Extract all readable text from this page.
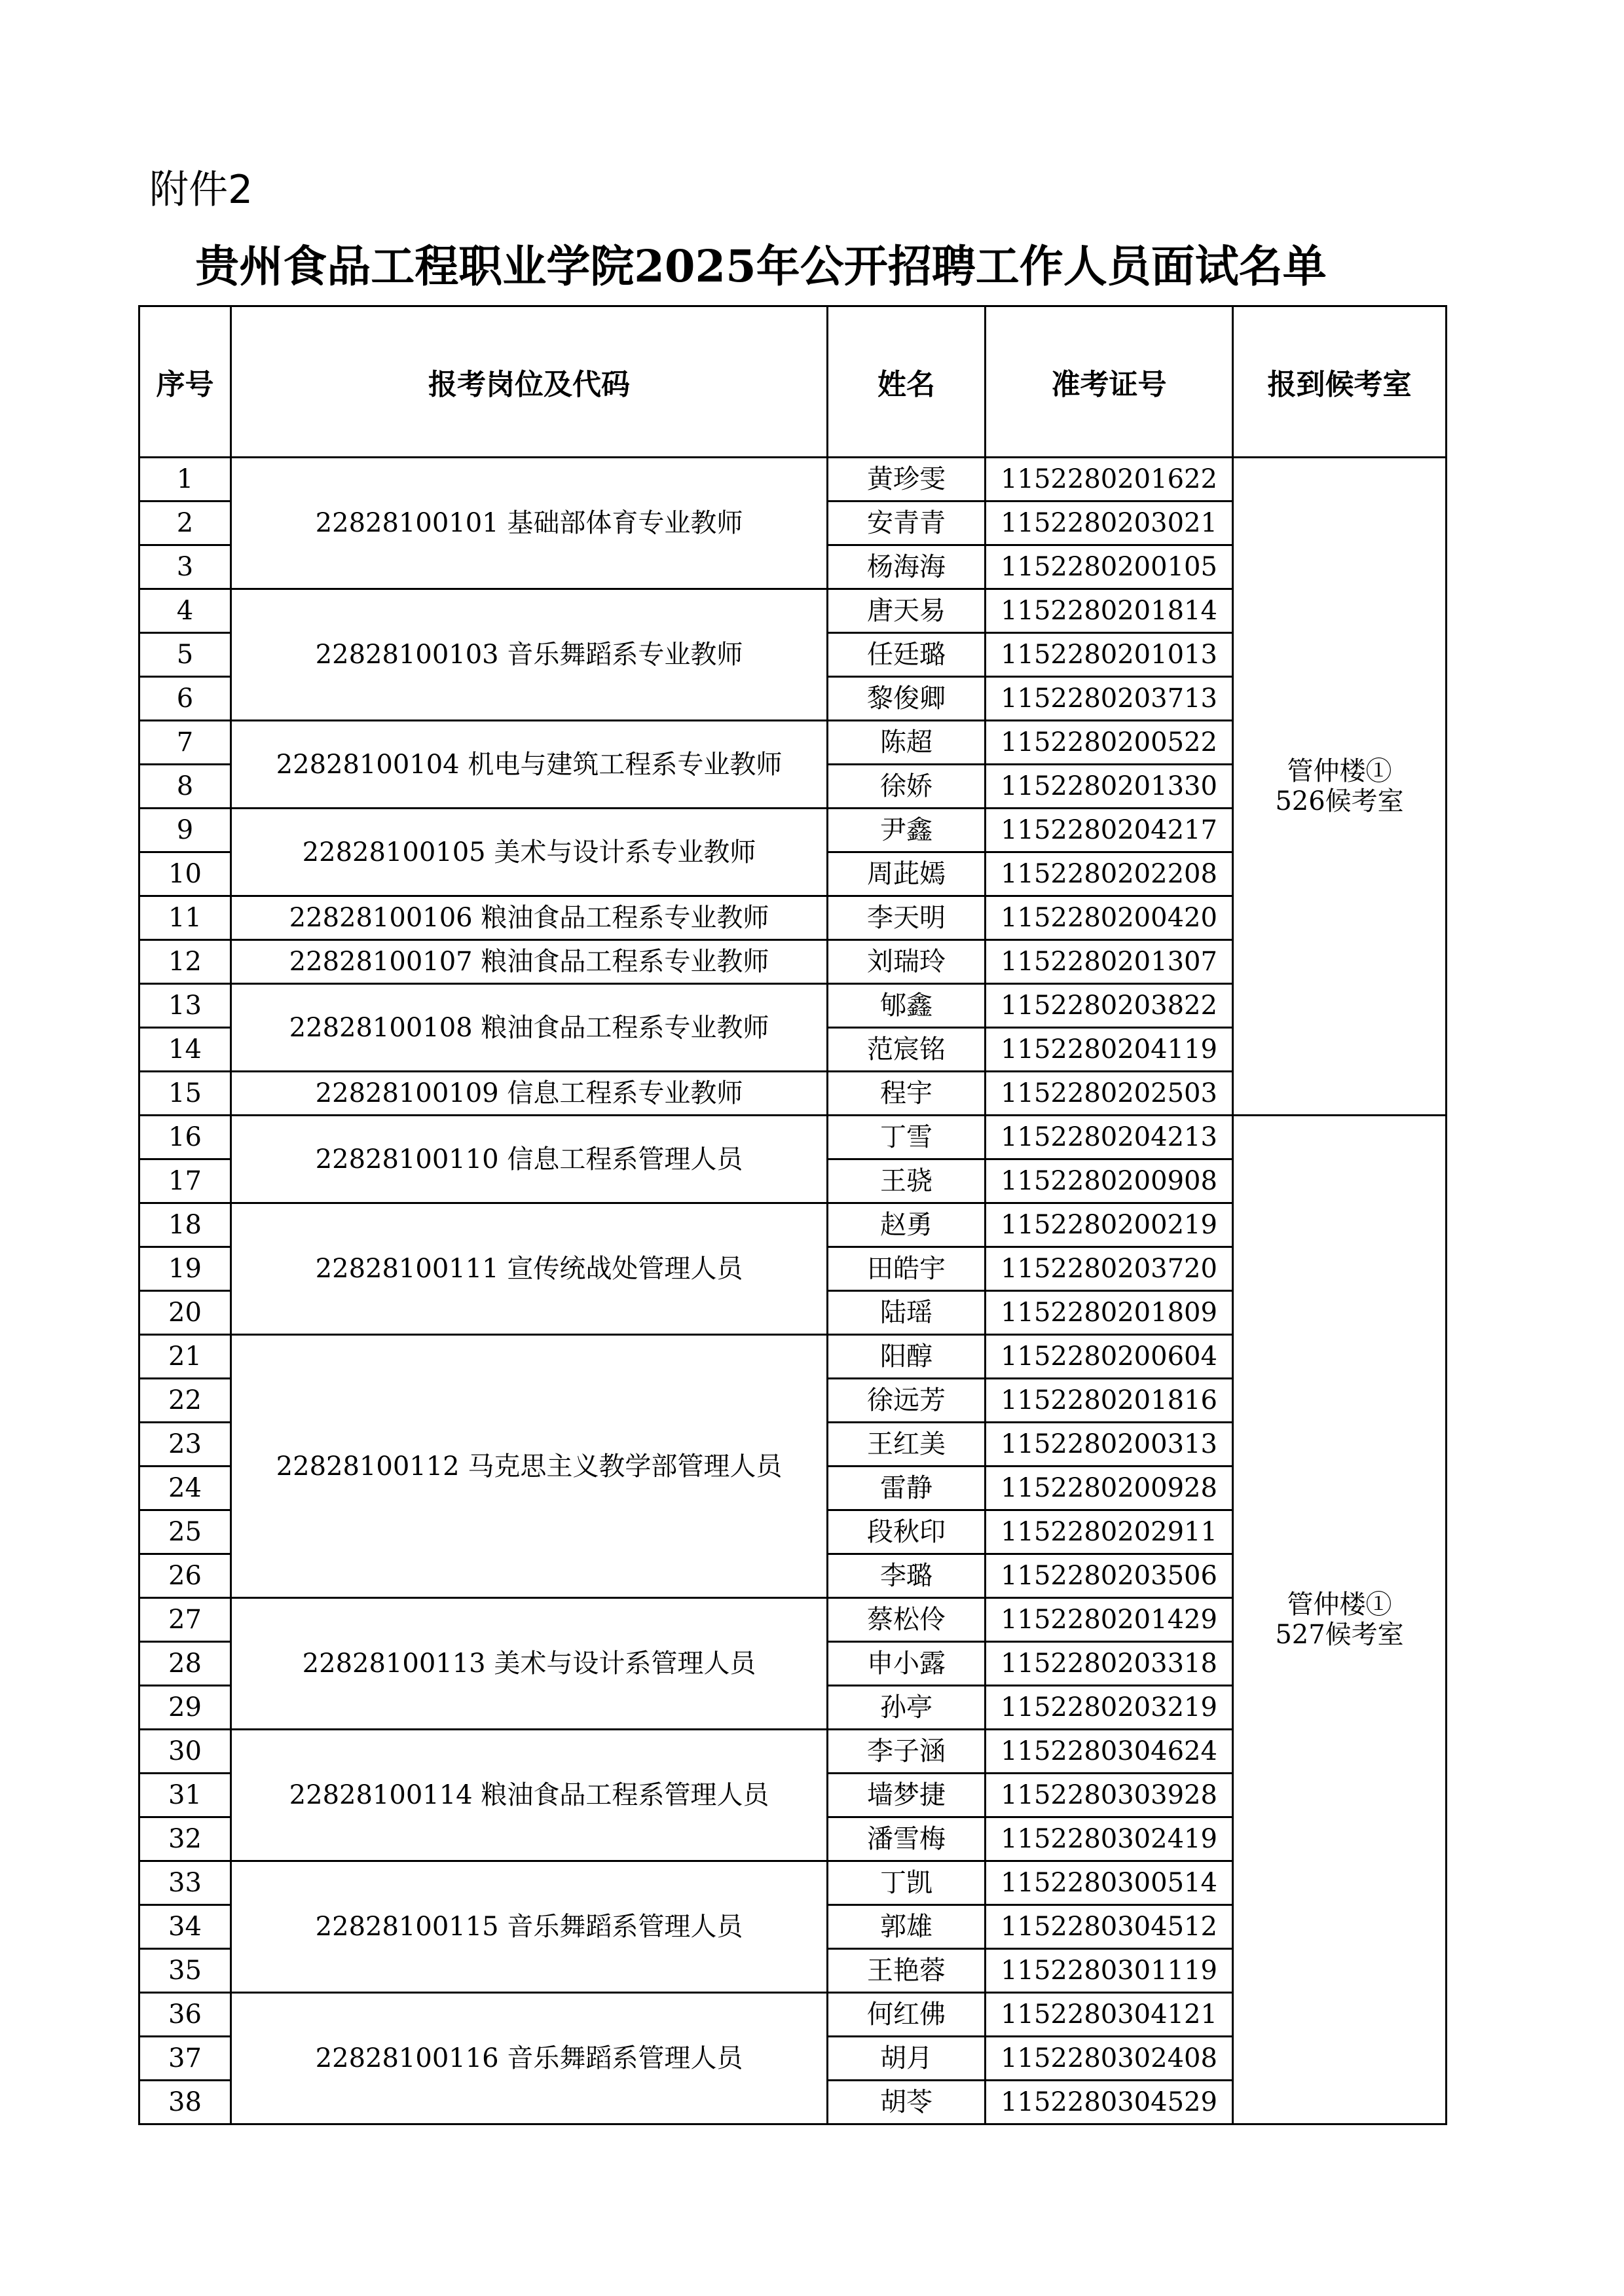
附件2
贵州食品工程职业学院2025年公开招聘工作人员面试名单
序号	报考岗位及代码	姓名	准考证号	报到候考室
1	22828100101 基础部体育专业教师	黄珍雯	1152280201622	管仲楼①
526候考室

2		安青青	1152280203021	
3		杨海海	1152280200105	
4	22828100103 音乐舞蹈系专业教师	唐天易	1152280201814	
5		任廷璐	1152280201013	
6		黎俊卿	1152280203713	
7	22828100104 机电与建筑工程系专业教师	陈超	1152280200522	
8		徐娇	1152280201330	
9	22828100105 美术与设计系专业教师	尹鑫	1152280204217	
10		周茈嫣	1152280202208	
11	22828100106 粮油食品工程系专业教师	李天明	1152280200420	
12	22828100107 粮油食品工程系专业教师	刘瑞玲	1152280201307	
13	22828100108 粮油食品工程系专业教师	郇鑫	1152280203822	
14		范宸铭	1152280204119	
15	22828100109 信息工程系专业教师	程宇	1152280202503	
16	22828100110 信息工程系管理人员	丁雪	1152280204213	管仲楼①
527候考室

17		王骁	1152280200908	
18	22828100111 宣传统战处管理人员	赵勇	1152280200219	
19		田皓宇	1152280203720	
20		陆瑶	1152280201809	
21	22828100112 马克思主义教学部管理人员	阳醇	1152280200604	
22		徐远芳	1152280201816	
23		王红美	1152280200313	
24		雷静	1152280200928	
25		段秋印	1152280202911	
26		李璐	1152280203506	
27	22828100113 美术与设计系管理人员	蔡松伶	1152280201429	
28		申小露	1152280203318	
29		孙亭	1152280203219	
30	22828100114 粮油食品工程系管理人员	李子涵	1152280304624	
31		墙梦捷	1152280303928	
32		潘雪梅	1152280302419	
33	22828100115 音乐舞蹈系管理人员	丁凯	1152280300514	
34		郭雄	1152280304512	
35		王艳蓉	1152280301119	
36	22828100116 音乐舞蹈系管理人员	何红佛	1152280304121	
37		胡月	1152280302408	
38		胡苓	1152280304529	
